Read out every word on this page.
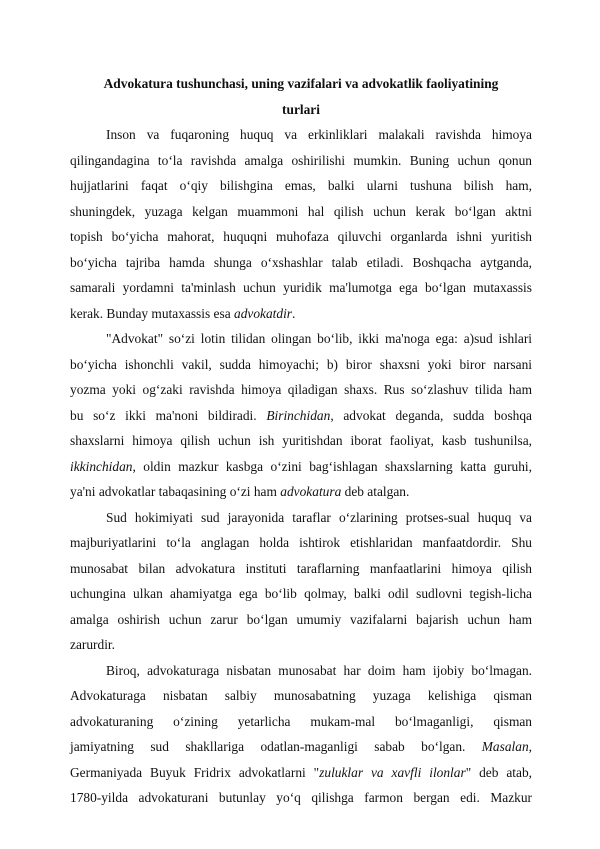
Advokatura tushunchasi, uning vazifalari va advokatlik faoliyatining
turlari

Inson va fuqaroning huquq va erkinliklari malakali ravishda himoya
qilingandagina to‘la ravishda amalga oshirilishi mumkin. Buning uchun qonun
hujjatlarini faqat o‘qiy bilishgina emas, balki ularni tushuna bilish ham,
shuningdek, yuzaga kelgan muammoni hal qilish uchun kerak bo‘lgan aktni
topish bo‘yicha mahorat, huquqni muhofaza qiluvchi organlarda ishni yuritish
bo‘yicha tajriba hamda shunga o‘xshashlar talab etiladi. Boshqacha aytganda,
samarali yordamni ta'minlash uchun yuridik ma'lumotga ega bo‘lgan mutaxassis
kerak. Bunday mutaxassis esa advokatdir.

"Advokat" so‘zi lotin tilidan olingan bo‘lib, ikki ma'noga ega: a)sud ishlari
bo‘yicha ishonchli vakil, sudda himoyachi; b) biror shaxsni yoki biror narsani
yozma yoki og‘zaki ravishda himoya qiladigan shaxs. Rus so‘zlashuv tilida ham
bu so‘z ikki ma'noni bildiradi. Birinchidan, advokat deganda, sudda boshqa
shaxslarni himoya qilish uchun ish yuritishdan iborat faoliyat, kasb tushunilsa,
ikkinchidan, oldin mazkur kasbga o‘zini bag‘ishlagan shaxslarning katta guruhi,
ya'ni advokatlar tabaqasining o‘zi ham advokatura deb atalgan.

Sud hokimiyati sud jarayonida taraflar o‘zlarining protses-sual huquq va
majburiyatlarini to‘la anglagan holda ishtirok etishlaridan manfaatdordir. Shu
munosabat bilan advokatura instituti taraflarning manfaatlarini himoya qilish
uchungina ulkan ahamiyatga ega bo‘lib qolmay, balki odil sudlovni tegish-licha
amalga oshirish uchun zarur bo‘lgan umumiy vazifalarni bajarish uchun ham
zarurdir.

Biroq, advokaturaga nisbatan munosabat har doim ham ijobiy bo‘lmagan.
Advokaturaga nisbatan salbiy munosabatning yuzaga kelishiga qisman
advokaturaning o‘zining yetarlicha mukam-mal bo‘lmaganligi, qisman
jamiyatning sud shakllariga odatlan-maganligi sabab bo‘lgan. Masalan,
Germaniyada Buyuk Fridrix advokatlarni "zuluklar va xavfli ilonlar" deb atab,
1780-yilda advokaturani butunlay yo‘q qilishga farmon bergan edi. Mazkur
